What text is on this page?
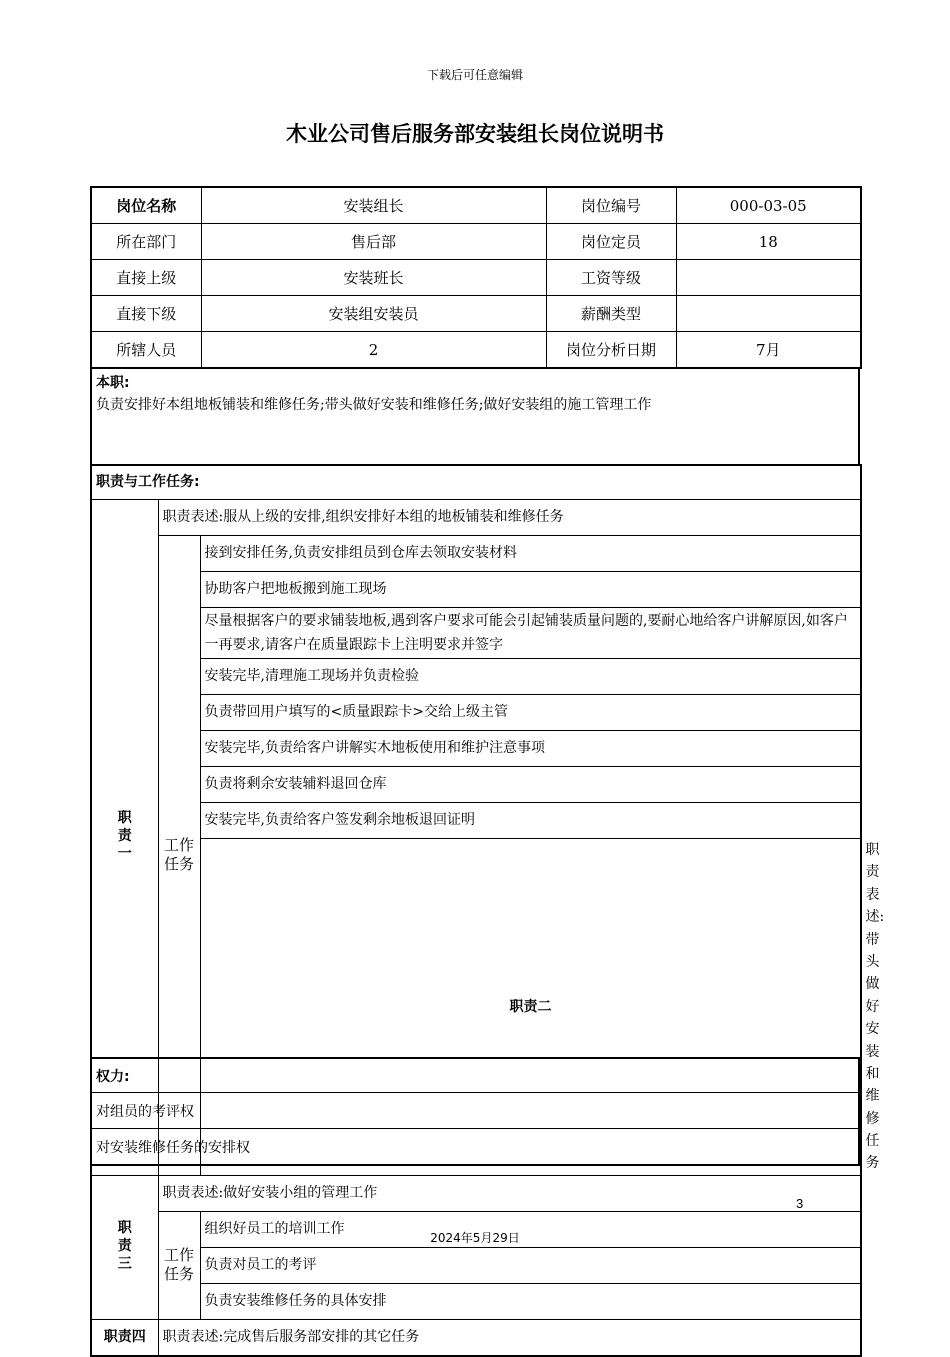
下载后可任意编辑
木业公司售后服务部安装组长岗位说明书
岗位名称	安装组长	岗位编号	000-03-05
所在部门	售后部	岗位定员	18
直接上级	安装班长	工资等级	
直接下级	安装组安装员	薪酬类型	
所辖人员	2	岗位分析日期	7月
本职:
负责安排好本组地板铺装和维修任务;带头做好安装和维修任务;做好安装组的施工管理工作
职责与工作任务:			
职责一	职责表述:服从上级的安排,组织安排好本组的地板铺装和维修任务		
	工作任务	接到安排任务,负责安排组员到仓库去领取安装材料	
		协助客户把地板搬到施工现场	
		尽量根据客户的要求铺装地板,遇到客户要求可能会引起铺装质量问题的,要耐心地给客户讲解原因,如客户一再要求,请客户在质量跟踪卡上注明要求并签字	
		安装完毕,清理施工现场并负责检验	
		负责带回用户填写的<质量跟踪卡>交给上级主管	
		安装完毕,负责给客户讲解实木地板使用和维护注意事项	
		负责将剩余安装辅料退回仓库	
		安装完毕,负责给客户签发剩余地板退回证明	
		职责二	职责表述:带头做好安装和维修任务
职责三	职责表述:做好安装小组的管理工作		
	工作任务	组织好员工的培训工作	
		负责对员工的考评	
		负责安装维修任务的具体安排	
职责四	职责表述:完成售后服务部安排的其它任务		
权力:
对组员的考评权
对安装维修任务的安排权
3
2024年5月29日
